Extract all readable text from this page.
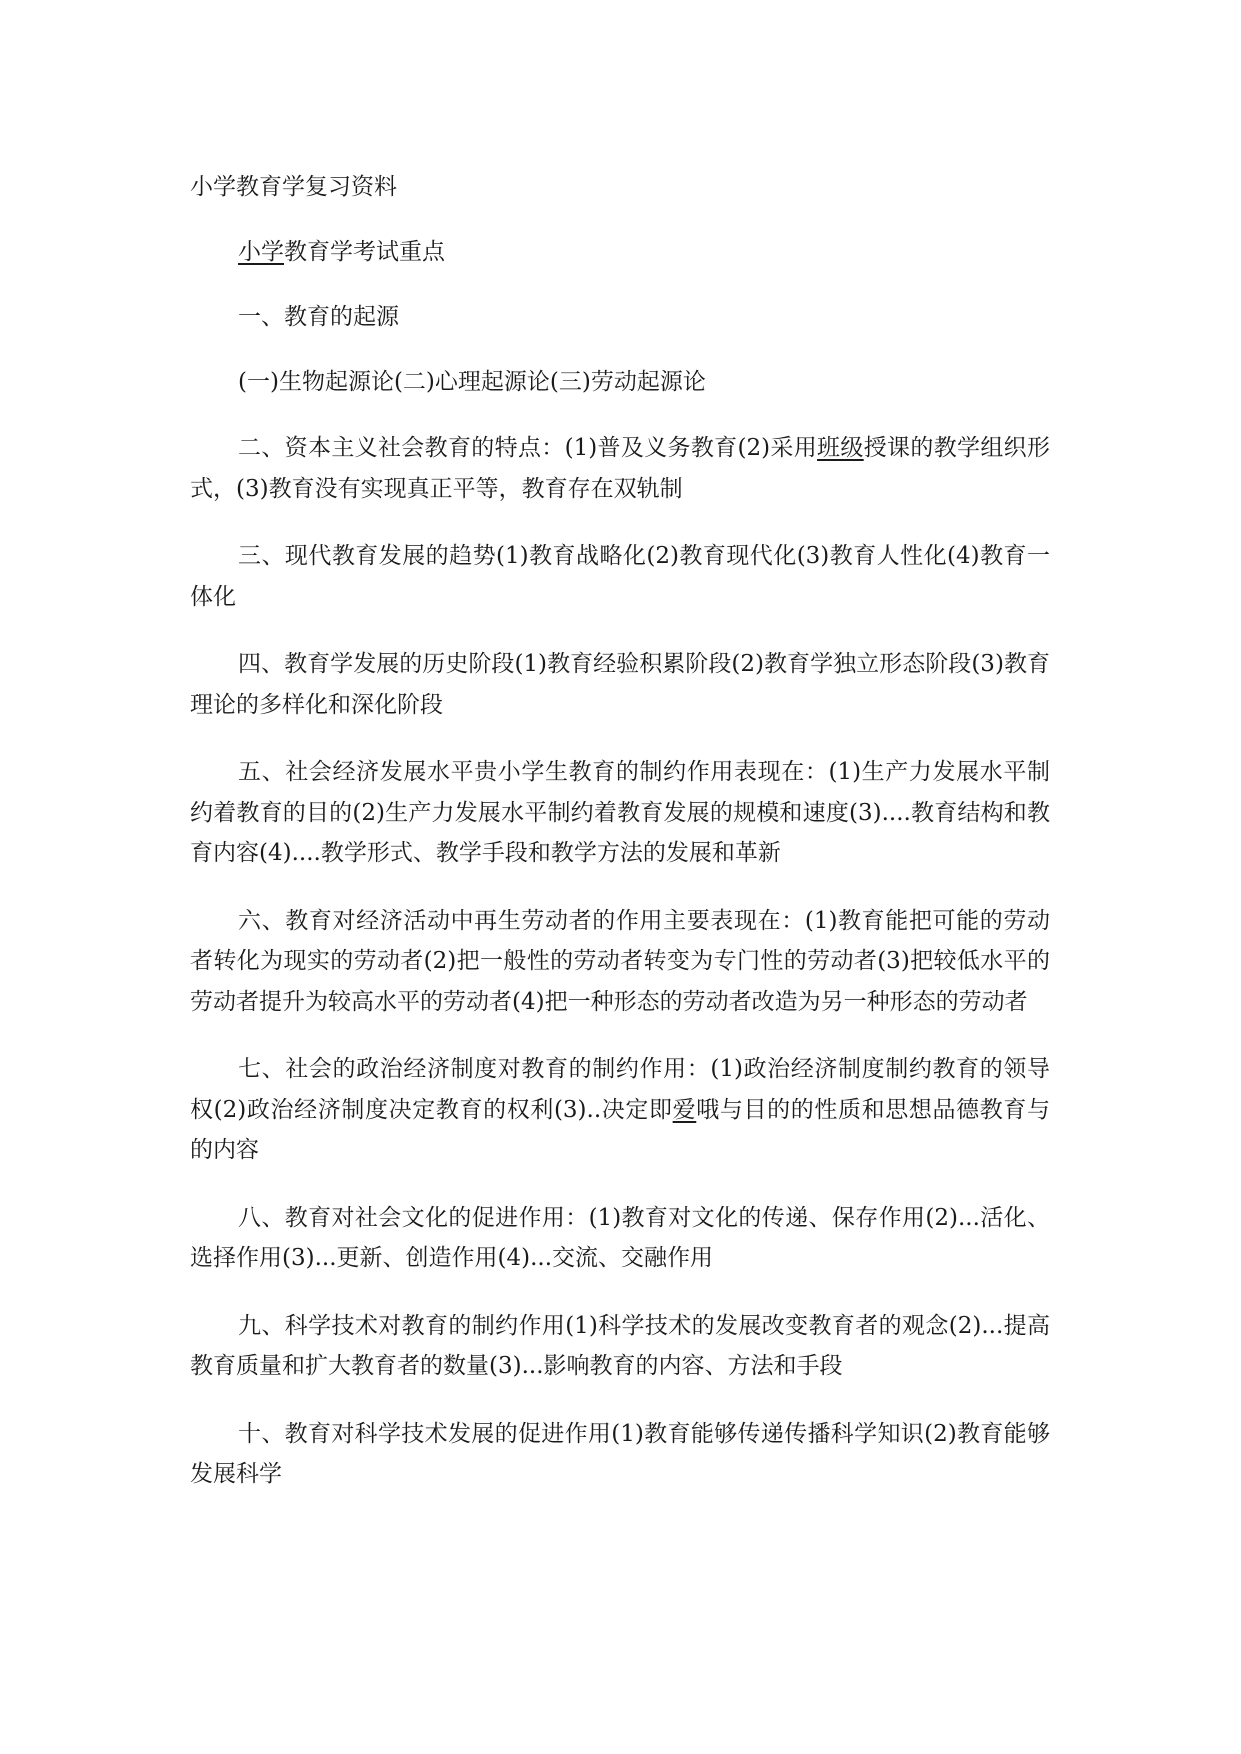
小学教育学复习资料

小学教育学考试重点

一、教育的起源

(一)生物起源论(二)心理起源论(三)劳动起源论

二、资本主义社会教育的特点：(1)普及义务教育(2)采用班级授课的教学组织形式，(3)教育没有实现真正平等，教育存在双轨制

三、现代教育发展的趋势(1)教育战略化(2)教育现代化(3)教育人性化(4)教育一体化

四、教育学发展的历史阶段(1)教育经验积累阶段(2)教育学独立形态阶段(3)教育理论的多样化和深化阶段

五、社会经济发展水平贵小学生教育的制约作用表现在：(1)生产力发展水平制约着教育的目的(2)生产力发展水平制约着教育发展的规模和速度(3)....教育结构和教育内容(4)....教学形式、教学手段和教学方法的发展和革新

六、教育对经济活动中再生劳动者的作用主要表现在：(1)教育能把可能的劳动者转化为现实的劳动者(2)把一般性的劳动者转变为专门性的劳动者(3)把较低水平的劳动者提升为较高水平的劳动者(4)把一种形态的劳动者改造为另一种形态的劳动者

七、社会的政治经济制度对教育的制约作用：(1)政治经济制度制约教育的领导权(2)政治经济制度决定教育的权利(3)..决定即爱哦与目的的性质和思想品德教育与的内容

八、教育对社会文化的促进作用：(1)教育对文化的传递、保存作用(2)...活化、选择作用(3)...更新、创造作用(4)...交流、交融作用

九、科学技术对教育的制约作用(1)科学技术的发展改变教育者的观念(2)...提高教育质量和扩大教育者的数量(3)...影响教育的内容、方法和手段

十、教育对科学技术发展的促进作用(1)教育能够传递传播科学知识(2)教育能够发展科学
